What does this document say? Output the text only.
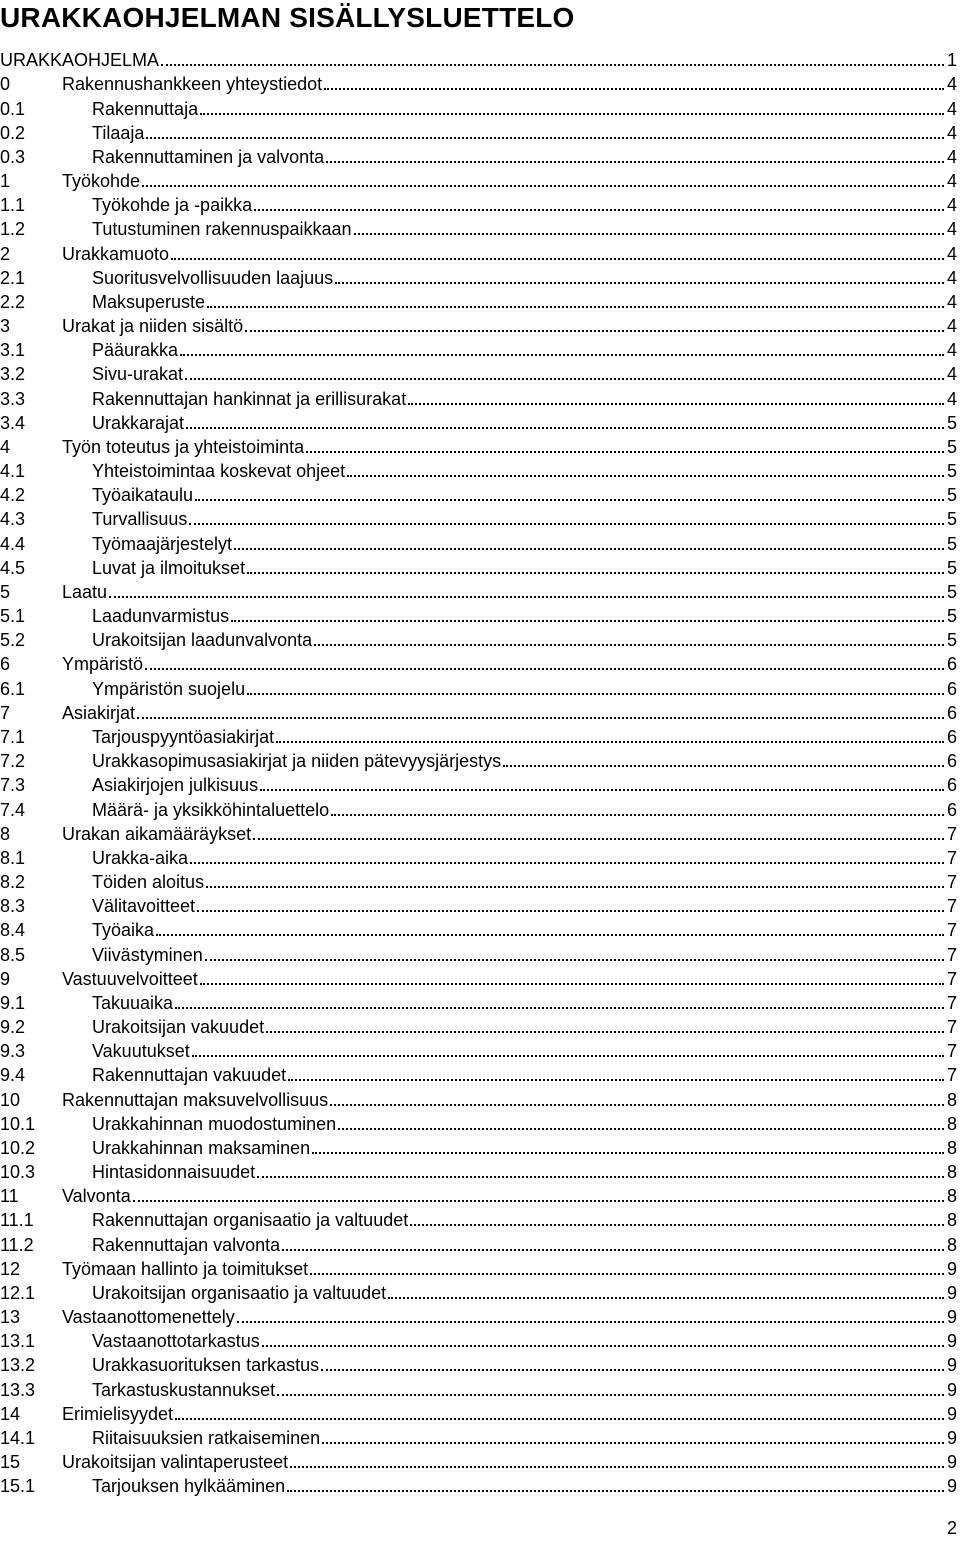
URAKKAOHJELMAN SISÄLLYSLUETTELO
URAKKAOHJELMA	1
0	Rakennushankkeen yhteystiedot	4
0.1	Rakennuttaja	4
0.2	Tilaaja	4
0.3	Rakennuttaminen ja valvonta	4
1	Työkohde	4
1.1	Työkohde ja -paikka	4
1.2	Tutustuminen rakennuspaikkaan	4
2	Urakkamuoto	4
2.1	Suoritusvelvollisuuden laajuus	4
2.2	Maksuperuste	4
3	Urakat ja niiden sisältö	4
3.1	Pääurakka	4
3.2	Sivu-urakat	4
3.3	Rakennuttajan hankinnat ja erillisurakat	4
3.4	Urakkarajat	5
4	Työn toteutus ja yhteistoiminta	5
4.1	Yhteistoimintaa koskevat ohjeet	5
4.2	Työaikataulu	5
4.3	Turvallisuus	5
4.4	Työmaajärjestelyt	5
4.5	Luvat ja ilmoitukset	5
5	Laatu	5
5.1	Laadunvarmistus	5
5.2	Urakoitsijan laadunvalvonta	5
6	Ympäristö	6
6.1	Ympäristön suojelu	6
7	Asiakirjat	6
7.1	Tarjouspyyntöasiakirjat	6
7.2	Urakkasopimusasiakirjat ja niiden pätevyysjärjestys	6
7.3	Asiakirjojen julkisuus	6
7.4	Määrä- ja yksikköhintaluettelo	6
8	Urakan aikamääräykset	7
8.1	Urakka-aika	7
8.2	Töiden aloitus	7
8.3	Välitavoitteet	7
8.4	Työaika	7
8.5	Viivästyminen	7
9	Vastuuvelvoitteet	7
9.1	Takuuaika	7
9.2	Urakoitsijan vakuudet	7
9.3	Vakuutukset	7
9.4	Rakennuttajan vakuudet	7
10	Rakennuttajan maksuvelvollisuus	8
10.1	Urakkahinnan muodostuminen	8
10.2	Urakkahinnan maksaminen	8
10.3	Hintasidonnaisuudet	8
11	Valvonta	8
11.1	Rakennuttajan organisaatio ja valtuudet	8
11.2	Rakennuttajan valvonta	8
12	Työmaan hallinto ja toimitukset	9
12.1	Urakoitsijan organisaatio ja valtuudet	9
13	Vastaanottomenettely	9
13.1	Vastaanottotarkastus	9
13.2	Urakkasuorituksen tarkastus	9
13.3	Tarkastuskustannukset	9
14	Erimielisyydet	9
14.1	Riitaisuuksien ratkaiseminen	9
15	Urakoitsijan valintaperusteet	9
15.1	Tarjouksen hylkääminen	9
2
